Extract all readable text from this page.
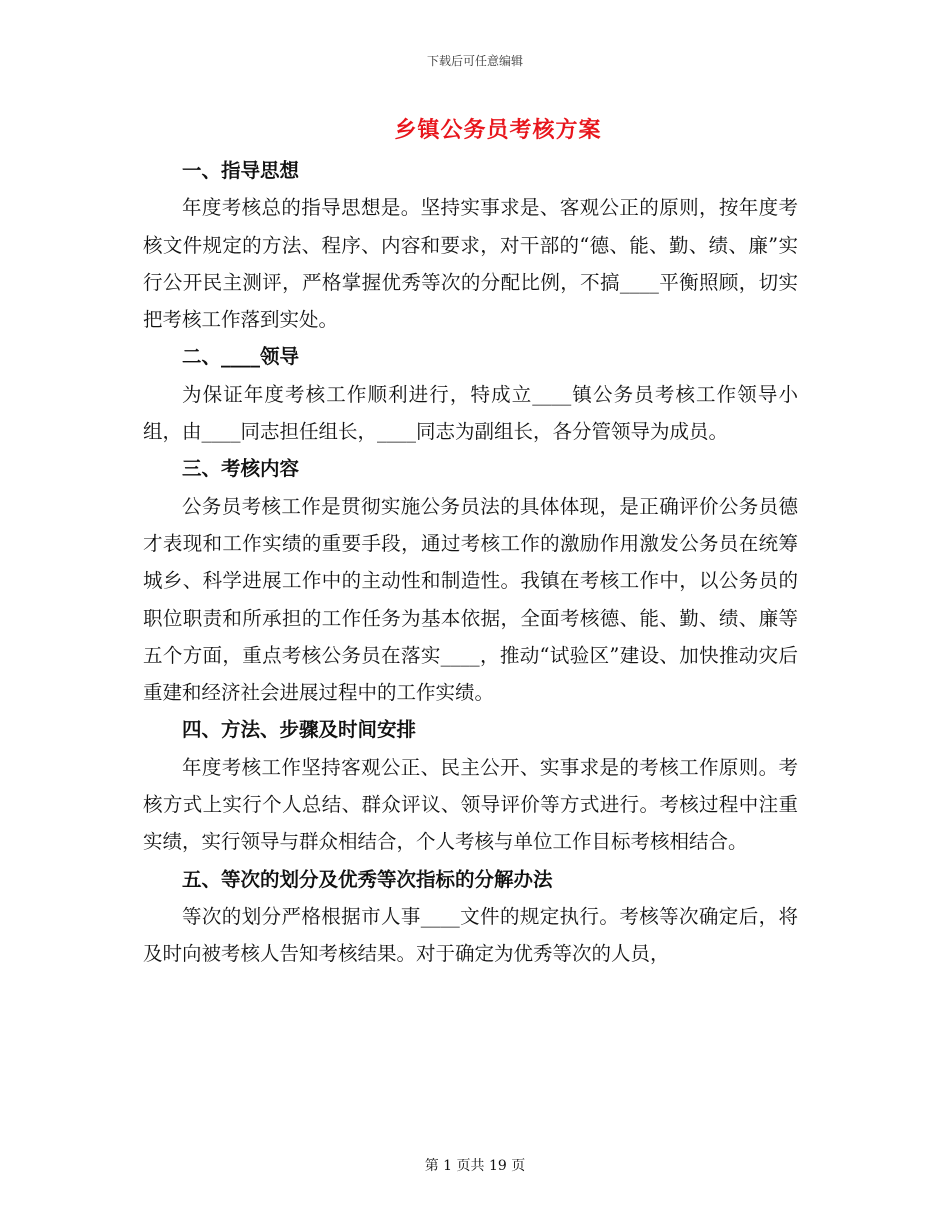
下载后可任意编辑
乡镇公务员考核方案

一、指导思想

年度考核总的指导思想是。坚持实事求是、客观公正的原则，按年度考核文件规定的方法、程序、内容和要求，对干部的“德、能、勤、绩、廉”实行公开民主测评，严格掌握优秀等次的分配比例，不搞____平衡照顾，切实把考核工作落到实处。

二、____领导

为保证年度考核工作顺利进行，特成立____镇公务员考核工作领导小组，由____同志担任组长，____同志为副组长，各分管领导为成员。

三、考核内容

公务员考核工作是贯彻实施公务员法的具体体现，是正确评价公务员德才表现和工作实绩的重要手段，通过考核工作的激励作用激发公务员在统筹城乡、科学进展工作中的主动性和制造性。我镇在考核工作中，以公务员的职位职责和所承担的工作任务为基本依据，全面考核德、能、勤、绩、廉等五个方面，重点考核公务员在落实____，推动“试验区”建设、加快推动灾后重建和经济社会进展过程中的工作实绩。

四、方法、步骤及时间安排

年度考核工作坚持客观公正、民主公开、实事求是的考核工作原则。考核方式上实行个人总结、群众评议、领导评价等方式进行。考核过程中注重实绩，实行领导与群众相结合，个人考核与单位工作目标考核相结合。

五、等次的划分及优秀等次指标的分解办法

等次的划分严格根据市人事____文件的规定执行。考核等次确定后，将及时向被考核人告知考核结果。对于确定为优秀等次的人员，

第 1 页共 19 页
